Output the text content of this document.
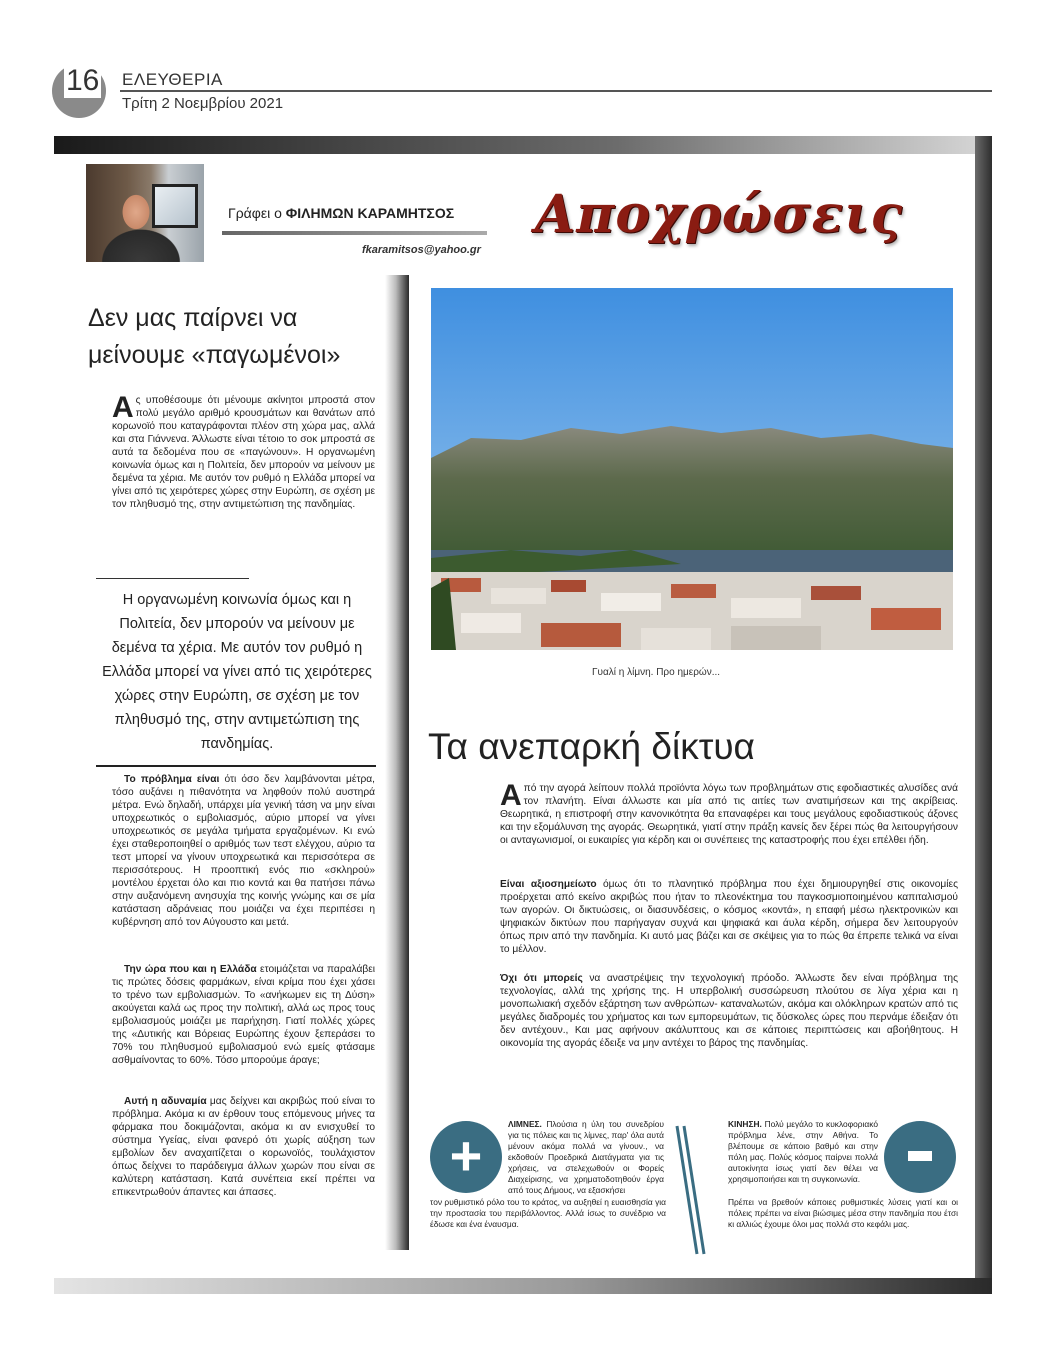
16 ΕΛΕΥΘΕΡΙΑ
Τρίτη 2 Νοεμβρίου 2021
Γράφει ο ΦΙΛΗΜΩΝ ΚΑΡΑΜΗΤΣΟΣ
fkaramitsos@yahoo.gr
Αποχρώσεις
Δεν μας παίρνει να μείνουμε «παγωμένοι»
Ας υποθέσουμε ότι μένουμε ακίνητοι μπροστά στον πολύ μεγάλο αριθμό κρουσμάτων και θανάτων από κορωνοϊό που καταγράφονται πλέον στη χώρα μας, αλλά και στα Γιάννενα. Άλλωστε είναι τέτοιο το σοκ μπροστά σε αυτά τα δεδομένα που σε «παγώνουν». Η οργανωμένη κοινωνία όμως και η Πολιτεία, δεν μπορούν να μείνουν με δεμένα τα χέρια. Με αυτόν τον ρυθμό η Ελλάδα μπορεί να γίνει από τις χειρότερες χώρες στην Ευρώπη, σε σχέση με τον πληθυσμό της, στην αντιμετώπιση της πανδημίας.
Η οργανωμένη κοινωνία όμως και η Πολιτεία, δεν μπορούν να μείνουν με δεμένα τα χέρια. Με αυτόν τον ρυθμό η Ελλάδα μπορεί να γίνει από τις χειρότερες χώρες στην Ευρώπη, σε σχέση με τον πληθυσμό της, στην αντιμετώπιση της πανδημίας.
Το πρόβλημα είναι ότι όσο δεν λαμβάνονται μέτρα, τόσο αυξάνει η πιθανότητα να ληφθούν πολύ αυστηρά μέτρα. Ενώ δηλαδή, υπάρχει μία γενική τάση να μην είναι υποχρεωτικός ο εμβολιασμός, αύριο μπορεί να γίνει υποχρεωτικός σε μεγάλα τμήματα εργαζομένων. Κι ενώ έχει σταθεροποιηθεί ο αριθμός των τεστ ελέγχου, αύριο τα τεστ μπορεί να γίνουν υποχρεωτικά και περισσότερα σε περισσότερους. Η προοπτική ενός πιο «σκληρού» μοντέλου έρχεται όλο και πιο κοντά και θα πατήσει πάνω στην αυξανόμενη ανησυχία της κοινής γνώμης και σε μία κατάσταση αδράνειας που μοιάζει να έχει περιπέσει η κυβέρνηση από τον Αύγουστο και μετά.
Την ώρα που και η Ελλάδα ετοιμάζεται να παραλάβει τις πρώτες δόσεις φαρμάκων, είναι κρίμα που έχει χάσει το τρένο των εμβολιασμών. Το «ανήκωμεν εις τη Δύση» ακούγεται καλά ως προς την πολιτική, αλλά ως προς τους εμβολιασμούς μοιάζει με παρήχηση. Γιατί πολλές χώρες της «Δυτικής και Βόρειας Ευρώπης έχουν ξεπεράσει το 70% του πληθυσμού εμβολιασμού ενώ εμείς φτάσαμε ασθμαίνοντας το 60%. Τόσο μπορούμε άραγε;
Αυτή η αδυναμία μας δείχνει και ακριβώς πού είναι το πρόβλημα. Ακόμα κι αν έρθουν τους επόμενους μήνες τα φάρμακα που δοκιμάζονται, ακόμα κι αν ενισχυθεί το σύστημα Υγείας, είναι φανερό ότι χωρίς αύξηση των εμβολίων δεν αναχαιτίζεται ο κορωνοϊός, τουλάχιστον όπως δείχνει το παράδειγμα άλλων χωρών που είναι σε καλύτερη κατάσταση. Κατά συνέπεια εκεί πρέπει να επικεντρωθούν άπαντες και άπασες.
Γυαλί η λίμνη. Προ ημερών...
Τα ανεπαρκή δίκτυα
Από την αγορά λείπουν πολλά προϊόντα λόγω των προβλημάτων στις εφοδιαστικές αλυσίδες ανά τον πλανήτη. Είναι άλλωστε και μία από τις αιτίες των ανατιμήσεων και της ακρίβειας. Θεωρητικά, η επιστροφή στην κανονικότητα θα επαναφέρει και τους μεγάλους εφοδιαστικούς άξονες και την εξομάλυνση της αγοράς. Θεωρητικά, γιατί στην πράξη κανείς δεν ξέρει πώς θα λειτουργήσουν οι ανταγωνισμοί, οι ευκαιρίες για κέρδη και οι συνέπειες της καταστροφής που έχει επέλθει ήδη.
Είναι αξιοσημείωτο όμως ότι το πλανητικό πρόβλημα που έχει δημιουργηθεί στις οικονομίες προέρχεται από εκείνο ακριβώς που ήταν το πλεονέκτημα του παγκοσμιοποιημένου καπιταλισμού των αγορών. Οι δικτυώσεις, οι διασυνδέσεις, ο κόσμος «κοντά», η επαφή μέσω ηλεκτρονικών και ψηφιακών δικτύων που παρήγαγαν συχνά και ψηφιακά και άυλα κέρδη, σήμερα δεν λειτουργούν όπως πριν από την πανδημία. Κι αυτό μας βάζει και σε σκέψεις για το πώς θα έπρεπε τελικά να είναι το μέλλον.
Όχι ότι μπορείς να αναστρέψεις την τεχνολογική πρόοδο. Άλλωστε δεν είναι πρόβλημα της τεχνολογίας, αλλά της χρήσης της. Η υπερβολική συσσώρευση πλούτου σε λίγα χέρια και η μονοπωλιακή σχεδόν εξάρτηση των ανθρώπων- καταναλωτών, ακόμα και ολόκληρων κρατών από τις μεγάλες διαδρομές του χρήματος και των εμπορευμάτων, τις δύσκολες ώρες που περνάμε έδειξαν ότι δεν αντέχουν., Και μας αφήνουν ακάλυπτους και σε κάποιες περιπτώσεις και αβοήθητους. Η οικονομία της αγοράς έδειξε να μην αντέχει το βάρος της πανδημίας.
+	ΛΙΜΝΕΣ. Πλούσια η ύλη του συνεδρίου για τις πόλεις και τις λίμνες, παρ' όλα αυτά μένουν ακόμα πολλά να γίνουν., να εκδοθούν Προεδρικά Διατάγματα για τις χρήσεις, να στελεχωθούν οι Φορείς Διαχείρισης, να χρηματοδοτηθούν έργα από τους Δήμους, να εξασκήσει
τον ρυθμιστικό ρόλο του το κράτος, να αυξηθεί η ευαισθησία για την προστασία του περιβάλλοντος. Αλλά ίσως το συνέδριο να έδωσε και ένα έναυσμα.
ΚΙΝΗΣΗ. Πολύ μεγάλο το κυκλοφοριακό πρόβλημα λένε, στην Αθήνα. Το βλέπουμε σε κάποιο βαθμό και στην πόλη μας. Πολύς κόσμος παίρνει πολλά αυτοκίνητα ίσως γιατί δεν θέλει να χρησιμοποιήσει και τη συγκοινωνία.
Πρέπει να βρεθούν κάποιες ρυθμιστικές λύσεις γιατί και οι πόλεις πρέπει να είναι βιώσιμες μέσα στην πανδημία που έτσι κι αλλιώς έχουμε όλοι μας πολλά στο κεφάλι μας.
